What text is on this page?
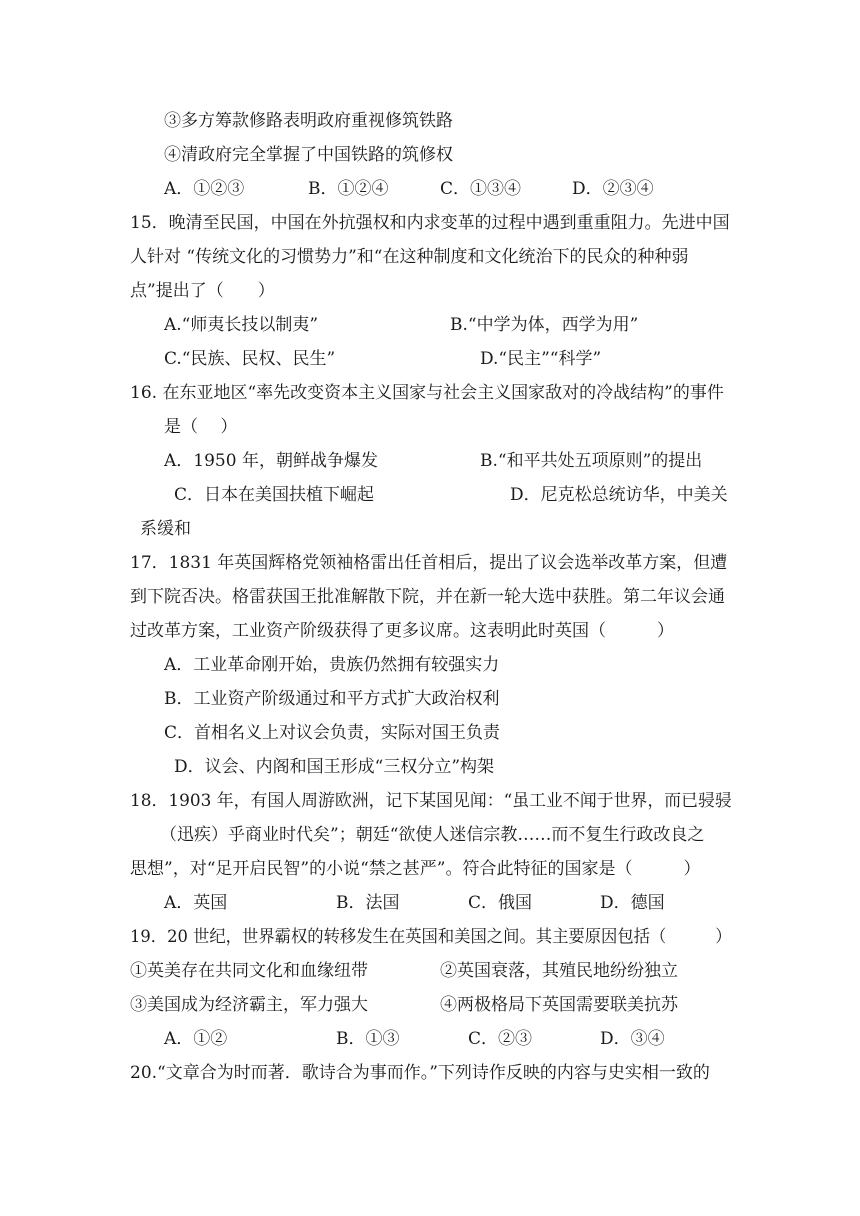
③多方筹款修路表明政府重视修筑铁路
④清政府完全掌握了中国铁路的筑修权
A．①②③	B．①②④	C．①③④	D．②③④
15．晚清至民国，中国在外抗强权和内求变革的过程中遇到重重阻力。先进中国
人针对 “传统文化的习惯势力”和“在这种制度和文化统治下的民众的种种弱
点”提出了（　　）
A.“师夷长技以制夷”	B.“中学为体，西学为用”
C.“民族、民权、民生”	D.“民主”“科学”
16. 在东亚地区“率先改变资本主义国家与社会主义国家敌对的冷战结构”的事件
是（　 ）
A．1950 年，朝鲜战争爆发	B.“和平共处五项原则”的提出
C．日本在美国扶植下崛起	D．尼克松总统访华，中美关
系缓和
17．1831 年英国辉格党领袖格雷出任首相后，提出了议会选举改革方案，但遭
到下院否决。格雷获国王批准解散下院，并在新一轮大选中获胜。第二年议会通
过改革方案，工业资产阶级获得了更多议席。这表明此时英国（　　　）
A．工业革命刚开始，贵族仍然拥有较强实力
B．工业资产阶级通过和平方式扩大政治权利
C．首相名义上对议会负责，实际对国王负责
D．议会、内阁和国王形成“三权分立”构架
18．1903 年，有国人周游欧洲，记下某国见闻：“虽工业不闻于世界，而已骎骎
（迅疾）乎商业时代矣”；朝廷“欲使人迷信宗教……而不复生行政改良之
思想”，对“足开启民智”的小说“禁之甚严”。符合此特征的国家是（　　　）
A．英国	B．法国	C．俄国	D．德国
19．20 世纪，世界霸权的转移发生在英国和美国之间。其主要原因包括（　　　）
①英美存在共同文化和血缘纽带	②英国衰落，其殖民地纷纷独立
③美国成为经济霸主，军力强大	④两极格局下英国需要联美抗苏
A．①②	B．①③	C．②③	D．③④
20.“文章合为时而著．歌诗合为事而作。”下列诗作反映的内容与史实相一致的
